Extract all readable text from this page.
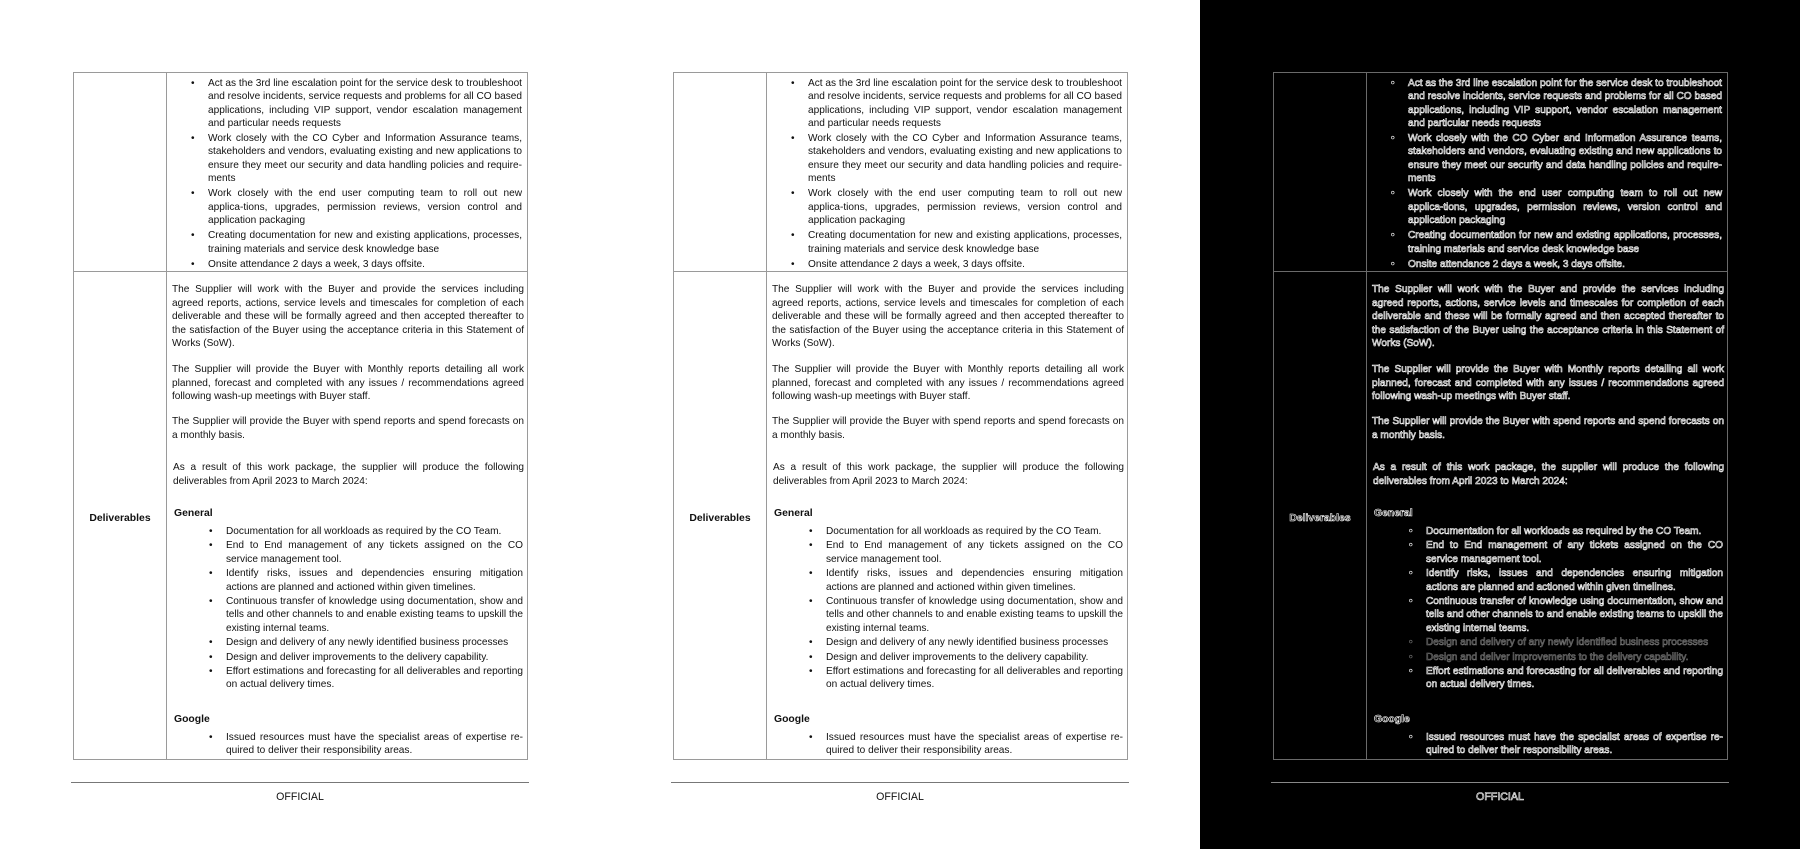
• Act as the 3rd line escalation point for the service desk to troubleshoot and resolve incidents, service requests and problems for all CO based applications, including VIP support, vendor escalation management and particular needs requests
• Work closely with the CO Cyber and Information Assurance teams, stakeholders and vendors, evaluating existing and new applications to ensure they meet our security and data handling policies and require-ments
• Work closely with the end user computing team to roll out new applica-tions, upgrades, permission reviews, version control and application packaging
• Creating documentation for new and existing applications, processes, training materials and service desk knowledge base
• Onsite attendance 2 days a week, 3 days offsite.
Deliverables

The Supplier will work with the Buyer and provide the services including agreed reports, actions, service levels and timescales for completion of each deliverable and these will be formally agreed and then accepted thereafter to the satisfaction of the Buyer using the acceptance criteria in this Statement of Works (SoW).

The Supplier will provide the Buyer with Monthly reports detailing all work planned, forecast and completed with any issues / recommendations agreed following wash-up meetings with Buyer staff.

The Supplier will provide the Buyer with spend reports and spend forecasts on a monthly basis.

As a result of this work package, the supplier will produce the following deliverables from April 2023 to March 2024:

General
• Documentation for all workloads as required by the CO Team.
• End to End management of any tickets assigned on the CO service management tool.
• Identify risks, issues and dependencies ensuring mitigation actions are planned and actioned within given timelines.
• Continuous transfer of knowledge using documentation, show and tells and other channels to and enable existing teams to upskill the existing internal teams.
• Design and delivery of any newly identified business processes
• Design and deliver improvements to the delivery capability.
• Effort estimations and forecasting for all deliverables and reporting on actual delivery times.
Google
• Issued resources must have the specialist areas of expertise re-quired to deliver their responsibility areas.
OFFICIAL
• Act as the 3rd line escalation point for the service desk to troubleshoot and resolve incidents, service requests and problems for all CO based applications, including VIP support, vendor escalation management and particular needs requests
• Work closely with the CO Cyber and Information Assurance teams, stakeholders and vendors, evaluating existing and new applications to ensure they meet our security and data handling policies and require-ments
• Work closely with the end user computing team to roll out new applica-tions, upgrades, permission reviews, version control and application packaging
• Creating documentation for new and existing applications, processes, training materials and service desk knowledge base
• Onsite attendance 2 days a week, 3 days offsite.
Deliverables

The Supplier will work with the Buyer and provide the services including agreed reports, actions, service levels and timescales for completion of each deliverable and these will be formally agreed and then accepted thereafter to the satisfaction of the Buyer using the acceptance criteria in this Statement of Works (SoW).

The Supplier will provide the Buyer with Monthly reports detailing all work planned, forecast and completed with any issues / recommendations agreed following wash-up meetings with Buyer staff.

The Supplier will provide the Buyer with spend reports and spend forecasts on a monthly basis.

As a result of this work package, the supplier will produce the following deliverables from April 2023 to March 2024:

General
• Documentation for all workloads as required by the CO Team.
• End to End management of any tickets assigned on the CO service management tool.
• Identify risks, issues and dependencies ensuring mitigation actions are planned and actioned within given timelines.
• Continuous transfer of knowledge using documentation, show and tells and other channels to and enable existing teams to upskill the existing internal teams.
• Design and delivery of any newly identified business processes
• Design and deliver improvements to the delivery capability.
• Effort estimations and forecasting for all deliverables and reporting on actual delivery times.
Google
• Issued resources must have the specialist areas of expertise re-quired to deliver their responsibility areas.
OFFICIAL
• Act as the 3rd line escalation point for the service desk to troubleshoot and resolve incidents, service requests and problems for all CO based applications, including VIP support, vendor escalation management and particular needs requests
• Work closely with the CO Cyber and Information Assurance teams, stakeholders and vendors, evaluating existing and new applications to ensure they meet our security and data handling policies and require-ments
• Work closely with the end user computing team to roll out new applica-tions, upgrades, permission reviews, version control and application packaging
• Creating documentation for new and existing applications, processes, training materials and service desk knowledge base
• Onsite attendance 2 days a week, 3 days offsite.
Deliverables

The Supplier will work with the Buyer and provide the services including agreed reports, actions, service levels and timescales for completion of each deliverable and these will be formally agreed and then accepted thereafter to the satisfaction of the Buyer using the acceptance criteria in this Statement of Works (SoW).

The Supplier will provide the Buyer with Monthly reports detailing all work planned, forecast and completed with any issues / recommendations agreed following wash-up meetings with Buyer staff.

The Supplier will provide the Buyer with spend reports and spend forecasts on a monthly basis.

As a result of this work package, the supplier will produce the following deliverables from April 2023 to March 2024:

General
• Documentation for all workloads as required by the CO Team.
• End to End management of any tickets assigned on the CO service management tool.
• Identify risks, issues and dependencies ensuring mitigation actions are planned and actioned within given timelines.
• Continuous transfer of knowledge using documentation, show and tells and other channels to and enable existing teams to upskill the existing internal teams.
• Design and delivery of any newly identified business processes
• Design and deliver improvements to the delivery capability.
• Effort estimations and forecasting for all deliverables and reporting on actual delivery times.
Google
• Issued resources must have the specialist areas of expertise re-quired to deliver their responsibility areas.
OFFICIAL
